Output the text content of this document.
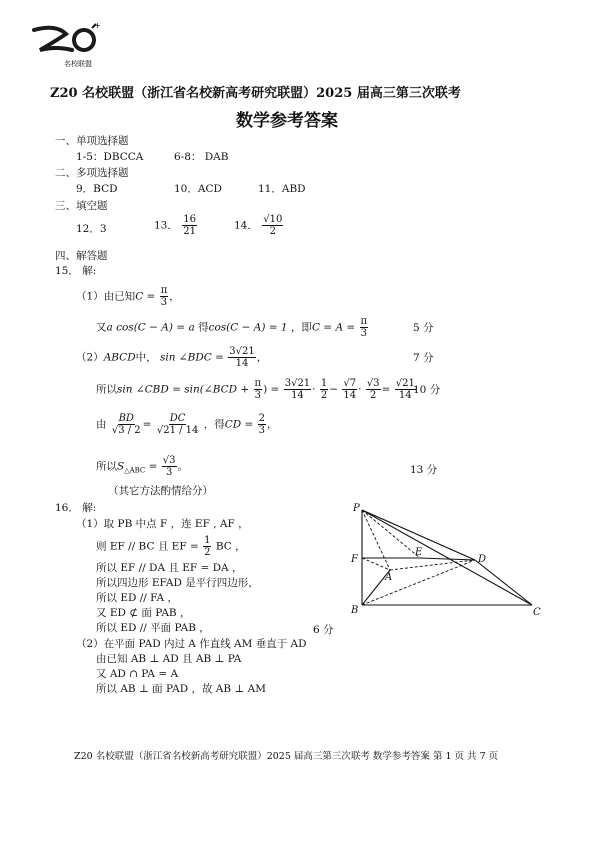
+
名校联盟
Z20 名校联盟（浙江省名校新高考研究联盟）2025 届高三第三次联考
数学参考答案
一、单项选择题
1-5：DBCCA	6-8： DAB
二、多项选择题
9．BCD	10．ACD	11．ABD
三、填空题
12．3	13． $\frac{16}{21}$	14． $\frac{√10}{2}$
四、解答题
15． 解:
（1）由已知$C = \frac{\pi}{3}$ ，
又a cos(C − A) = a 得cos(C − A) = 1 ，即$C = A = \frac{\pi}{3}$	5 分
（2）ABCD中， sin ∠BDC = $\frac{3√21}{14}$ ，	7 分
所以sin ∠CBD = sin(∠BCD + $\frac{\pi}{3}$ ) = $\frac{3√21}{14} \cdot \frac{1}{2} - \frac{√7}{14} \cdot \frac{√3}{2} = \frac{√21}{14}$
10 分
由 $\frac{BD}{√3 / 2} = \frac{DC}{√21 / 14}$ ，得CD = $\frac{2}{3}$ ，
所以$S_{\triangle ABC} = \frac{√3}{3}$ 。	13 分
（其它方法酌情给分）
16． 解:
（1）取 PB 中点 F ，连 EF , AF ，
则 EF // BC 且 EF = $\frac{1}{2}$ BC ，
所以 EF // DA 且 EF = DA ，
所以四边形 EFAD 是平行四边形，
所以 ED // FA ，
又 ED ⊄ 面 PAB ，
所以 ED // 平面 PAB ，	6 分
（2）在平面 PAD 内过 A 作直线 AM 垂直于 AD
由已知 AB ⊥ AD 且 AB ⊥ PA
又 AD ∩ PA = A
所以 AB ⊥ 面 PAD ，故 AB ⊥ AM
P
F
E
A
D
B	C
Z20 名校联盟（浙江省名校新高考研究联盟）2025 届高三第三次联考 数学参考答案 第 1 页 共 7 页
